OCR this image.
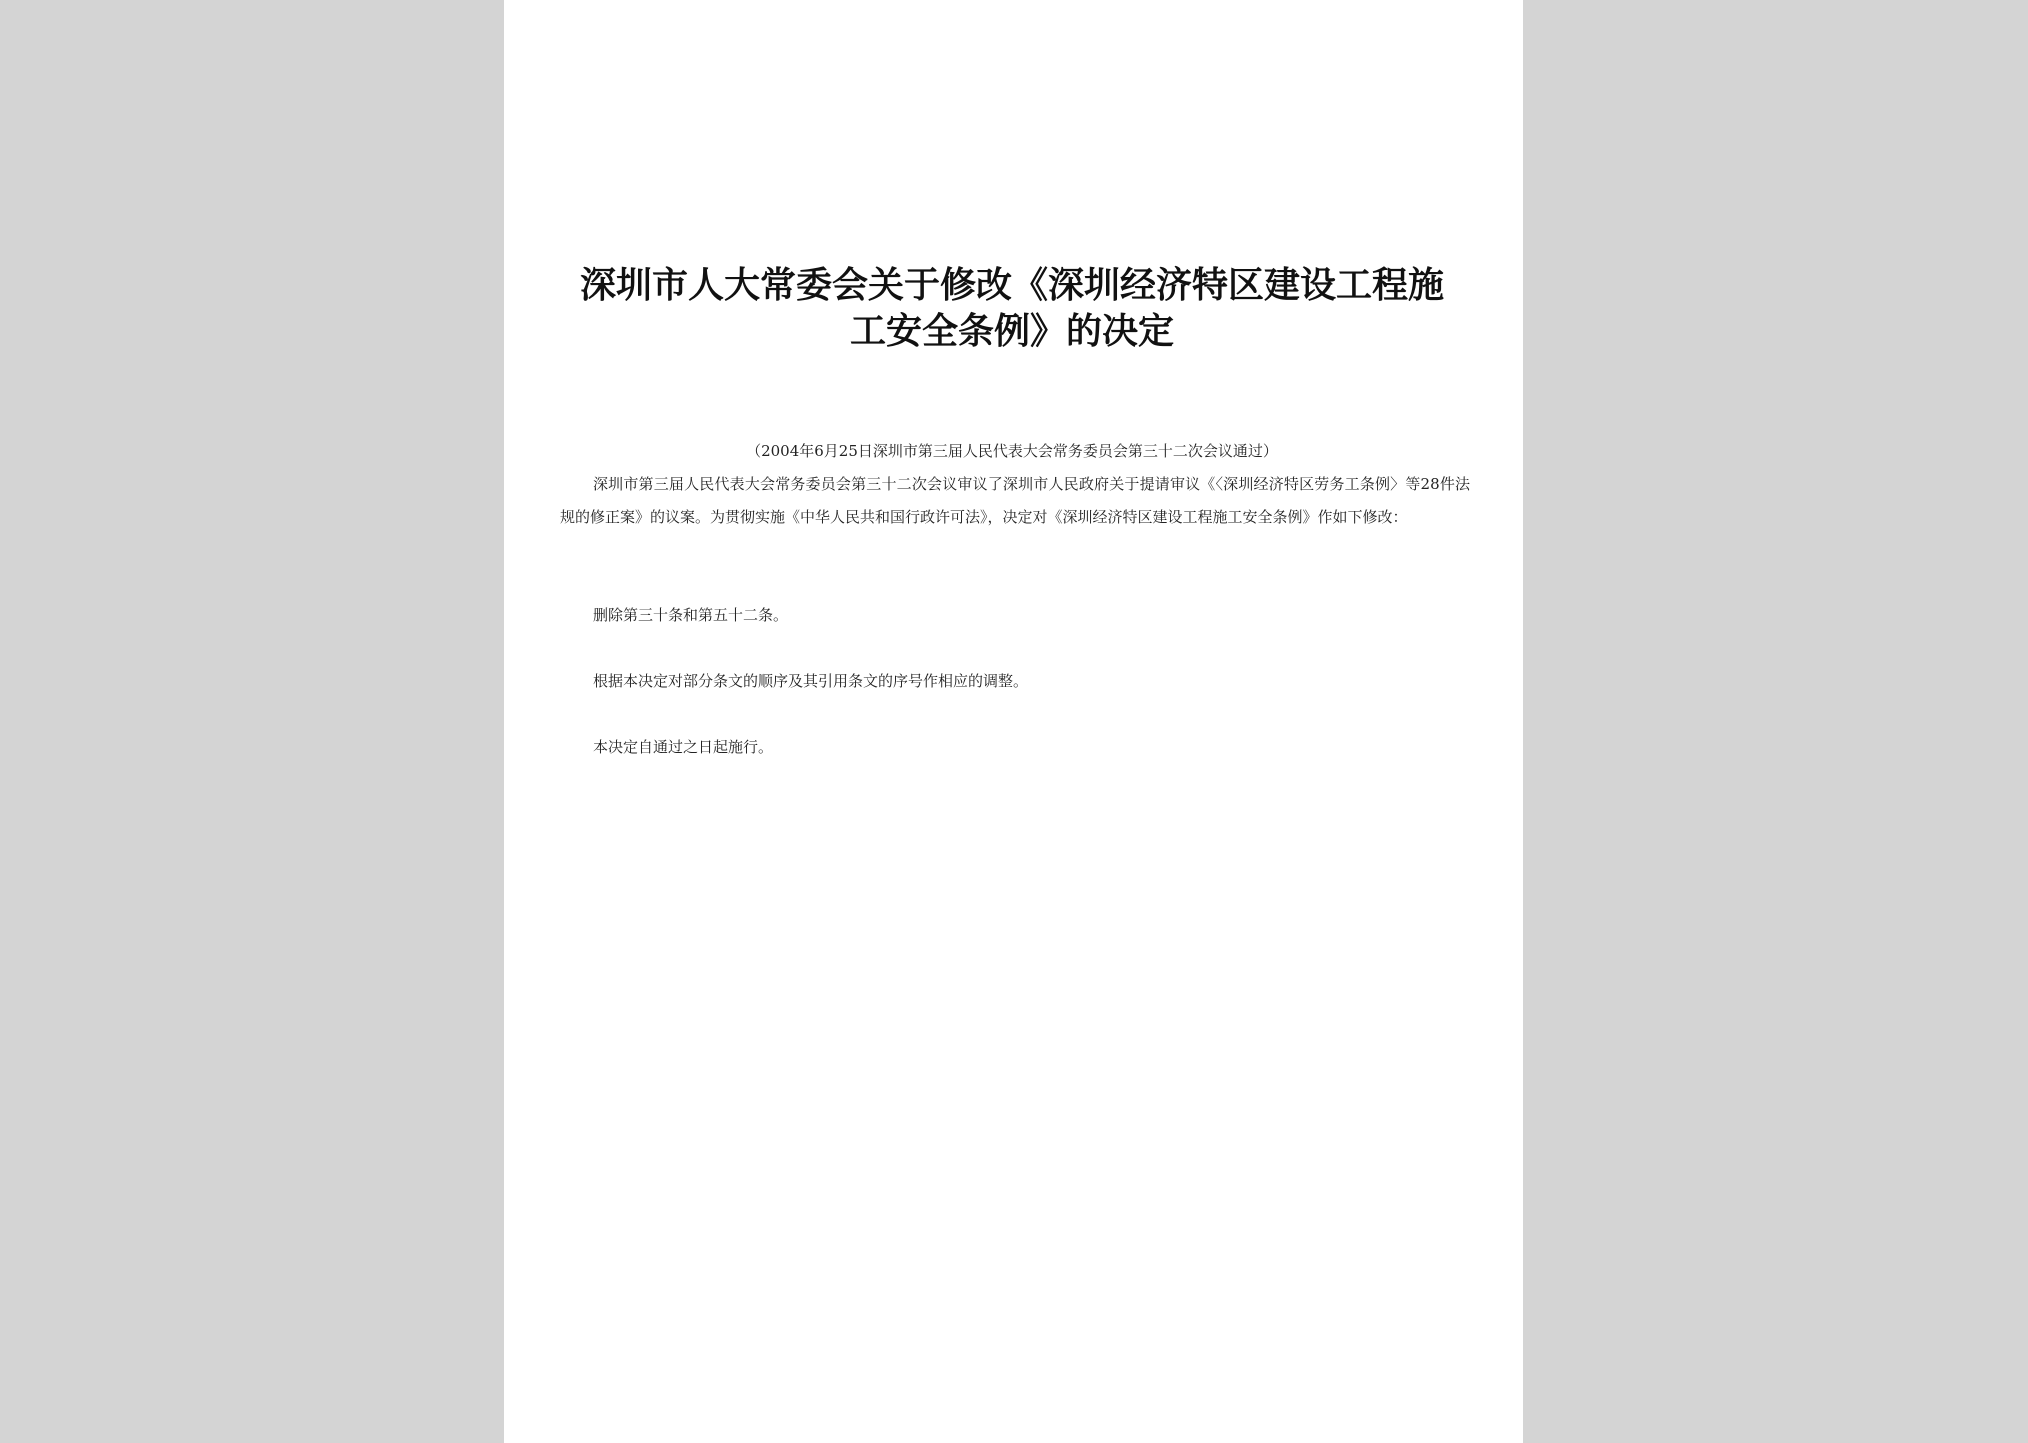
深圳市人大常委会关于修改《深圳经济特区建设工程施
工安全条例》的决定
（2004年6月25日深圳市第三届人民代表大会常务委员会第三十二次会议通过）
深圳市第三届人民代表大会常务委员会第三十二次会议审议了深圳市人民政府关于提请审议《〈深圳经济特区劳务工条例〉等28件法规的修正案》的议案。为贯彻实施《中华人民共和国行政许可法》，决定对《深圳经济特区建设工程施工安全条例》作如下修改：
删除第三十条和第五十二条。
根据本决定对部分条文的顺序及其引用条文的序号作相应的调整。
本决定自通过之日起施行。
